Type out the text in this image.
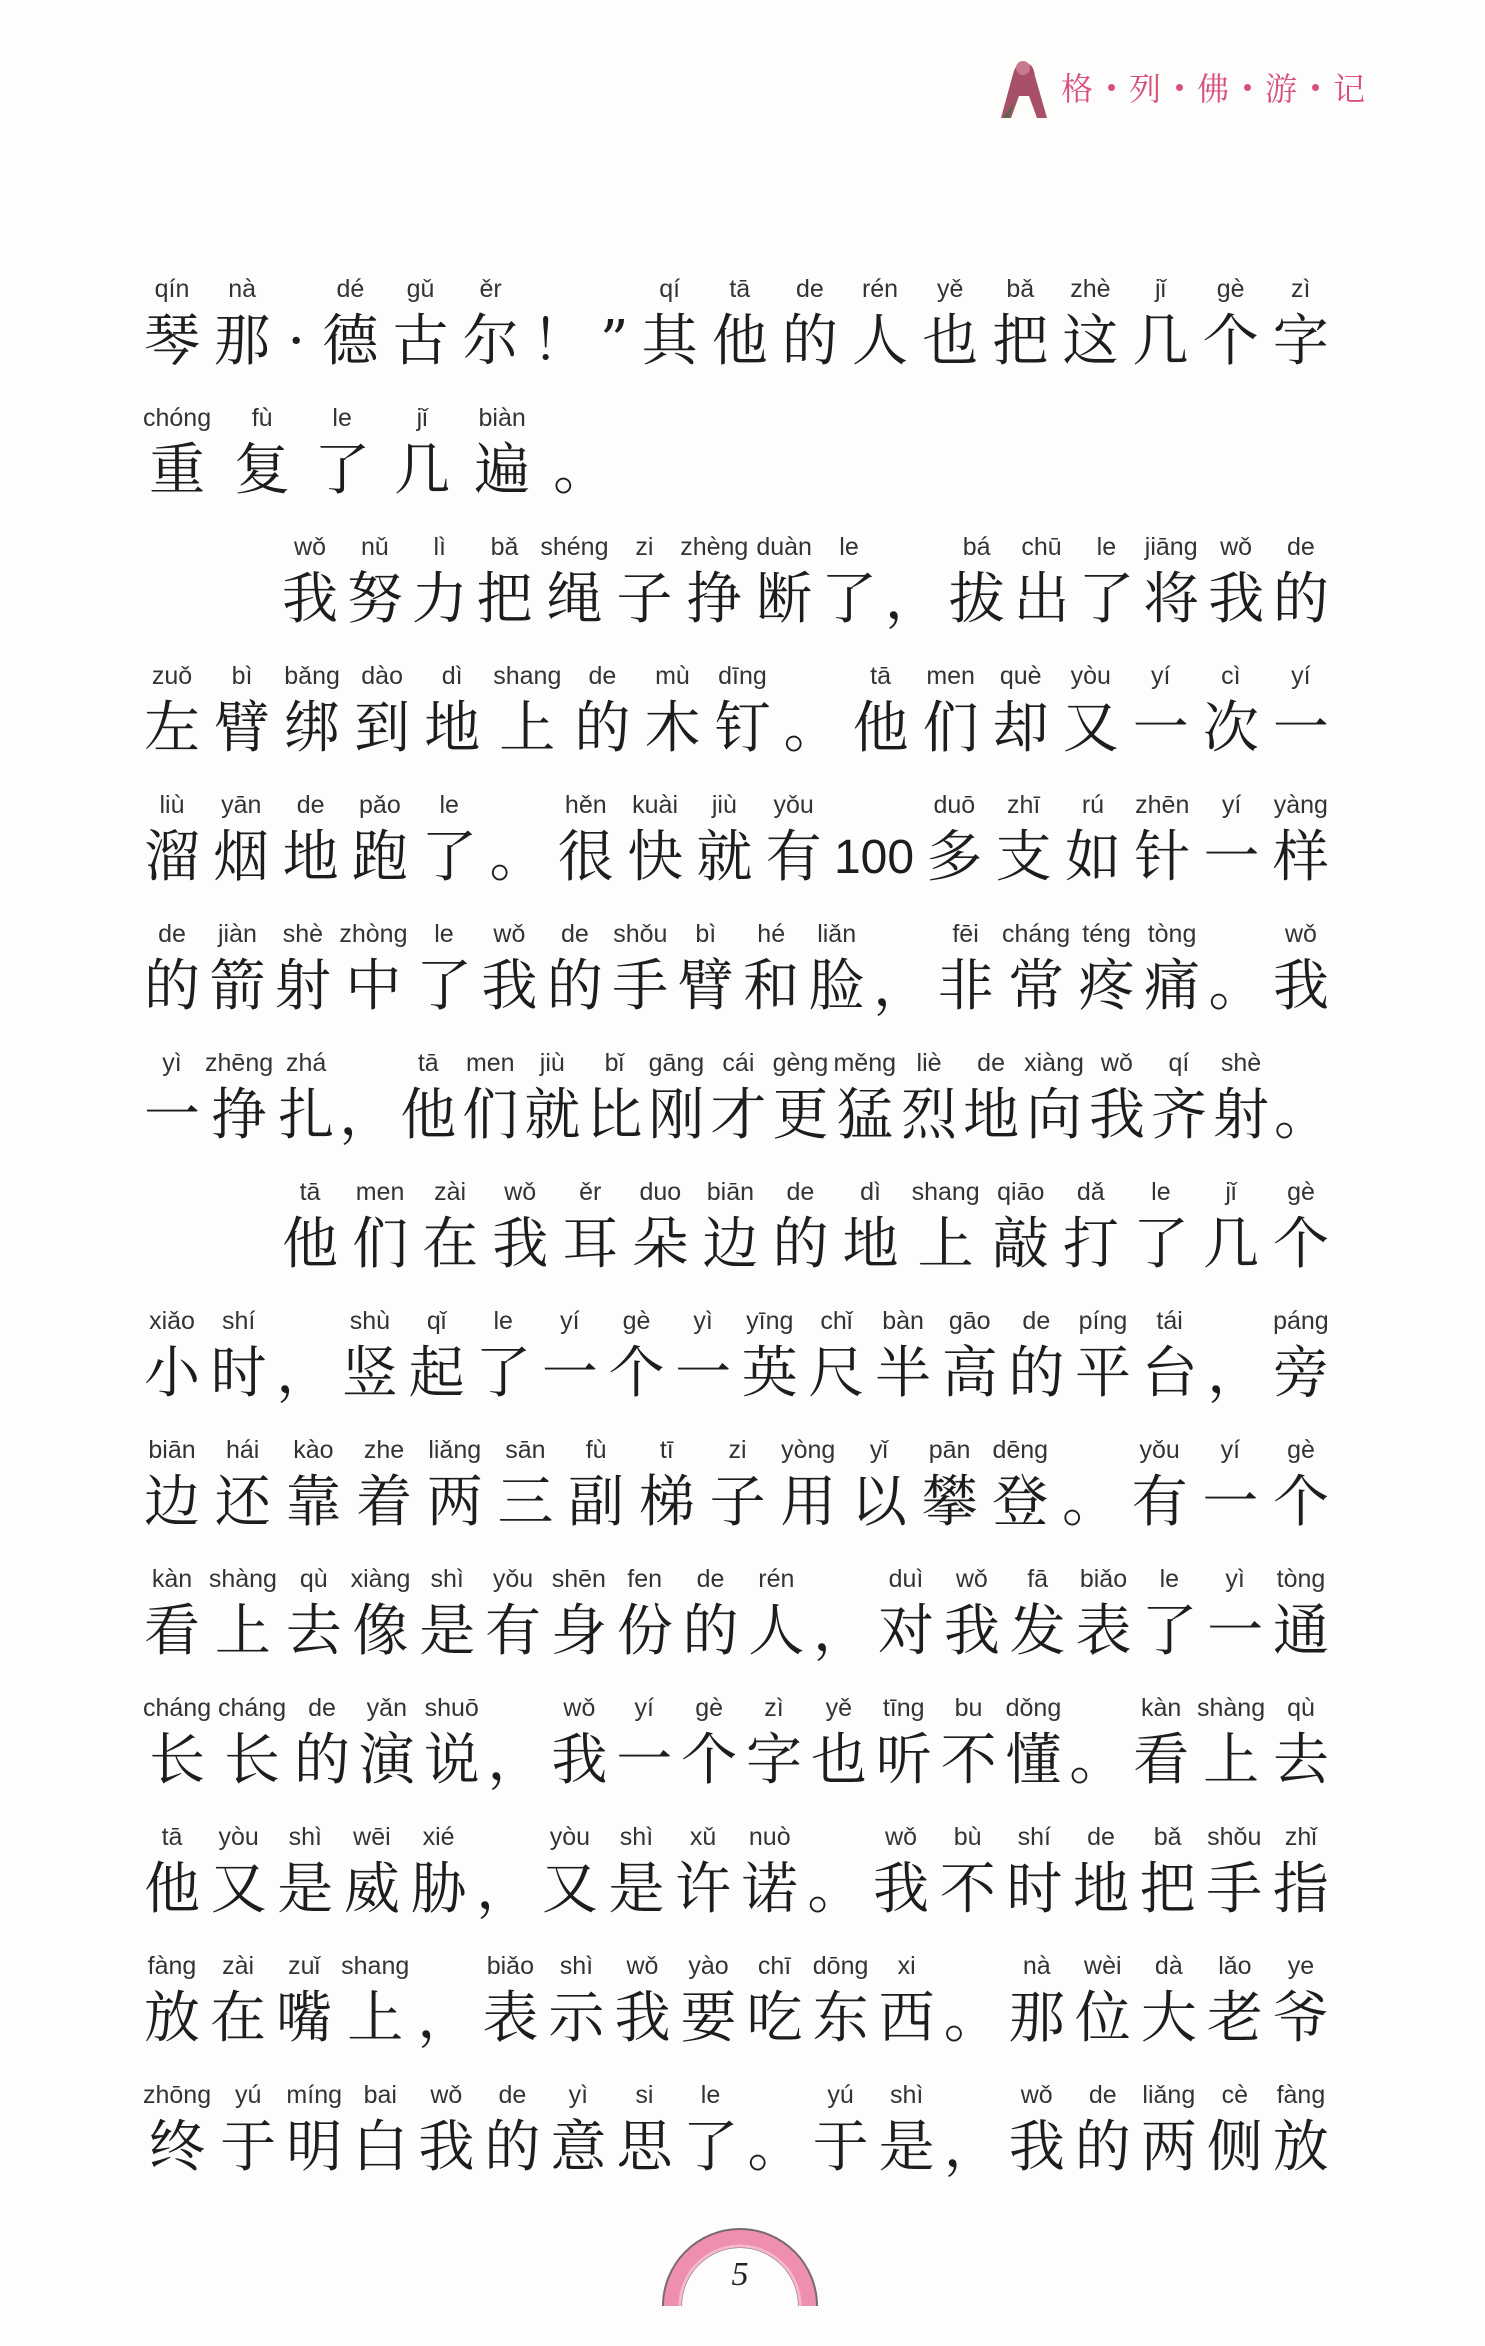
格 列 佛 游 记
qín
琴
nà
那 ·
dé
德
gǔ
古
ěr
尔 ！ ”
qí
其
tā
他
de
的
rén
人
yě
也
bǎ
把
zhè
这
jǐ
几
gè
个
zì
字
chóng
重
fù
复
le
了
jǐ
几
biàn
遍 。
wǒ
我
nǔ
努
lì
力
bǎ
把
shéng
绳
zi
子
zhèng
挣
duàn
断
le
了 ，
bá
拔
chū
出
le
了
jiāng
将
wǒ
我
de
的
zuǒ
左
bì
臂
bǎng
绑
dào
到
dì
地
shang
上
de
的
mù
木
dīng
钉 。
tā
他
men
们
què
却
yòu
又
yí
一
cì
次
yí
一
liù
溜
yān
烟
de
地
pǎo
跑
le
了 。
hěn
很
kuài
快
jiù
就
yǒu
有 100
duō
多
zhī
支
rú
如
zhēn
针
yí
一
yàng
样
de
的
jiàn
箭
shè
射
zhòng
中
le
了
wǒ
我
de
的
shǒu
手
bì
臂
hé
和
liǎn
脸 ，
fēi
非
cháng
常
téng
疼
tòng
痛 。
wǒ
我
yì
一
zhēng
挣
zhá
扎 ，
tā
他
men
们
jiù
就
bǐ
比
gāng
刚
cái
才
gèng
更
měng
猛
liè
烈
de
地
xiàng
向
wǒ
我
qí
齐
shè
射 。
tā
他
men
们
zài
在
wǒ
我
ěr
耳
duo
朵
biān
边
de
的
dì
地
shang
上
qiāo
敲
dǎ
打
le
了
jǐ
几
gè
个
xiǎo
小
shí
时 ，
shù
竖
qǐ
起
le
了
yí
一
gè
个
yì
一
yīng
英
chǐ
尺
bàn
半
gāo
高
de
的
píng
平
tái
台 ，
páng
旁
biān
边
hái
还
kào
靠
zhe
着
liǎng
两
sān
三
fù
副
tī
梯
zi
子
yòng
用
yǐ
以
pān
攀
dēng
登 。
yǒu
有
yí
一
gè
个
kàn
看
shàng
上
qù
去
xiàng
像
shì
是
yǒu
有
shēn
身
fen
份
de
的
rén
人 ，
duì
对
wǒ
我
fā
发
biǎo
表
le
了
yì
一
tòng
通
cháng
长
cháng
长
de
的
yǎn
演
shuō
说 ，
wǒ
我
yí
一
gè
个
zì
字
yě
也
tīng
听
bu
不
dǒng
懂 。
kàn
看
shàng
上
qù
去
tā
他
yòu
又
shì
是
wēi
威
xié
胁 ，
yòu
又
shì
是
xǔ
许
nuò
诺 。
wǒ
我
bù
不
shí
时
de
地
bǎ
把
shǒu
手
zhǐ
指
fàng
放
zài
在
zuǐ
嘴
shang
上 ，
biǎo
表
shì
示
wǒ
我
yào
要
chī
吃
dōng
东
xi
西 。
nà
那
wèi
位
dà
大
lǎo
老
ye
爷
zhōng
终
yú
于
míng
明
bai
白
wǒ
我
de
的
yì
意
si
思
le
了 。
yú
于
shì
是 ，
wǒ
我
de
的
liǎng
两
cè
侧
fàng
放
5
